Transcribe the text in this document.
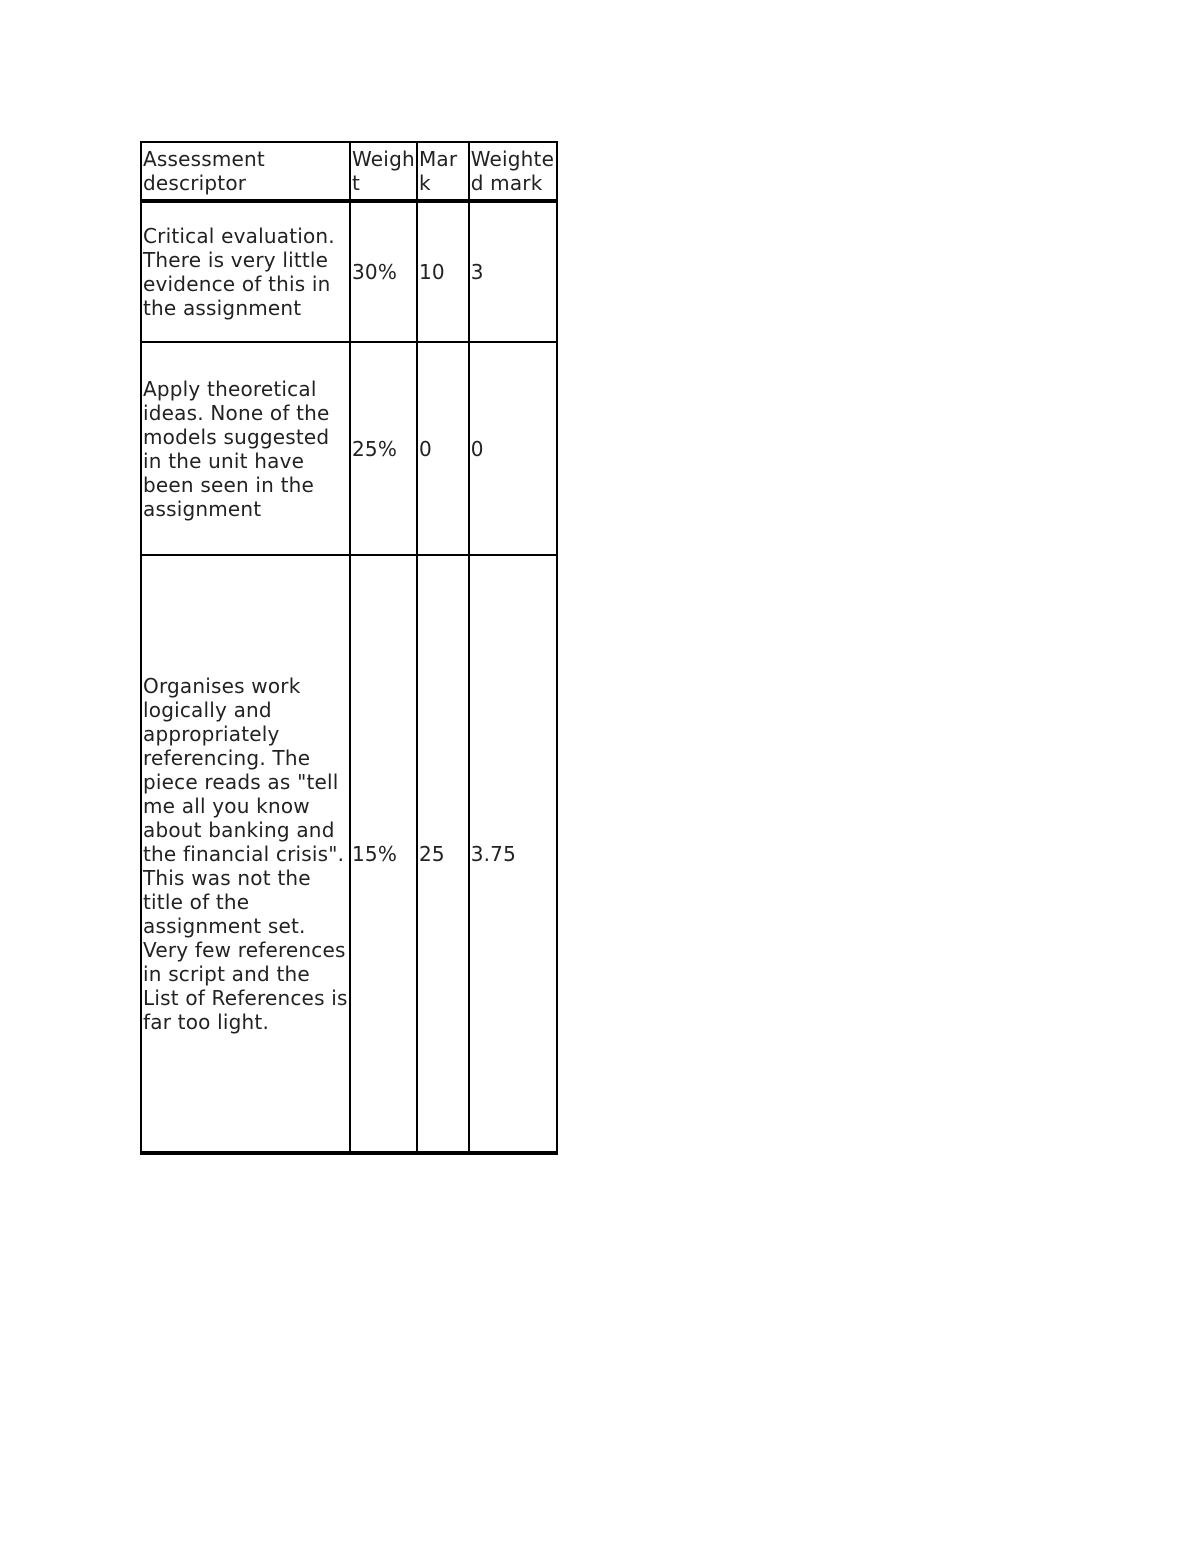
Assessment descriptor	Weight	Mark	Weighted mark
Critical evaluation. There is very little evidence of this in the assignment	30%	10	3
Apply theoretical ideas. None of the models suggested in the unit have been seen in the assignment	25%	0	0
Organises work logically and appropriately referencing. The piece reads as "tell me all you know about banking and the financial crisis". This was not the title of the assignment set. Very few references in script and the List of References is far too light.	15%	25	3.75
